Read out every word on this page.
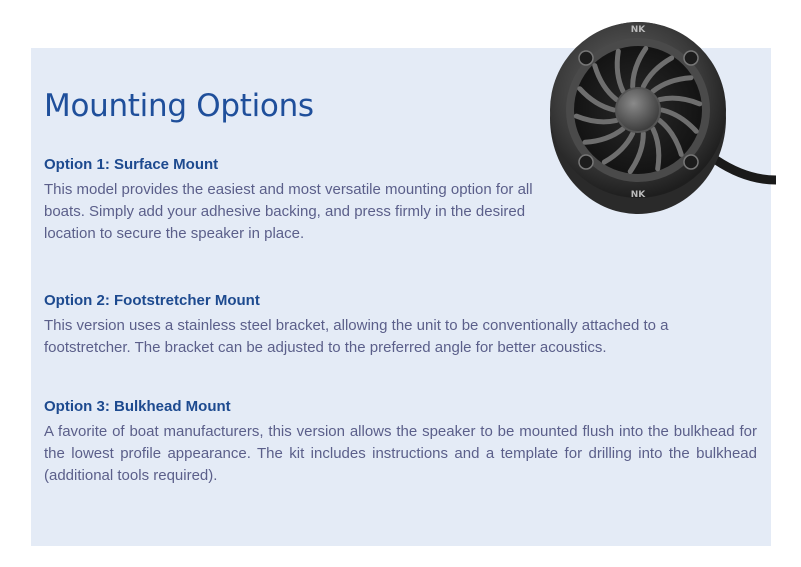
Mounting Options
Option 1: Surface Mount

This model provides the easiest and most versatile mounting option for all boats. Simply add your adhesive backing, and press firmly in the desired location to secure the speaker in place.

Option 2: Footstretcher Mount

This version uses a stainless steel bracket, allowing the unit to be conventionally attached to a footstretcher. The bracket can be adjusted to the preferred angle for better acoustics.

Option 3: Bulkhead Mount

A favorite of boat manufacturers, this version allows the speaker to be mounted flush into the bulkhead for the lowest profile appearance. The kit includes instructions and a template for drilling into the bulkhead (additional tools required).

NK
NK
